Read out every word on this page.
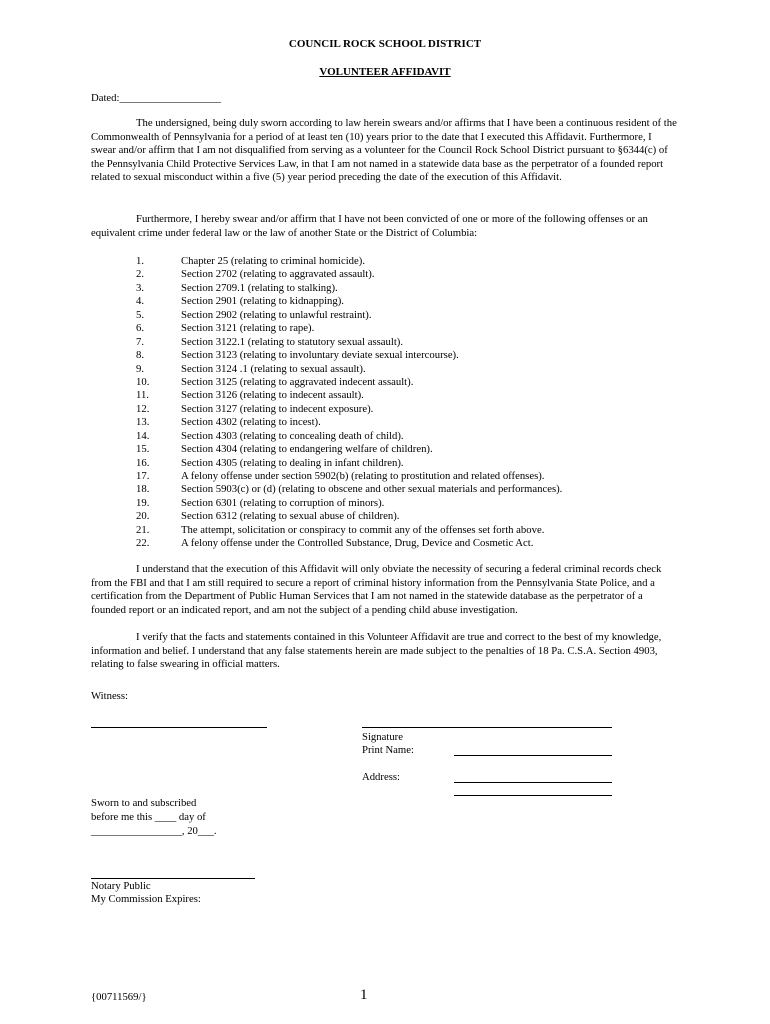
COUNCIL ROCK SCHOOL DISTRICT
VOLUNTEER AFFIDAVIT
Dated:___________________
The undersigned, being duly sworn according to law herein swears and/or affirms that I have been a continuous resident of the Commonwealth of Pennsylvania for a period of at least ten (10) years prior to the date that I executed this Affidavit. Furthermore, I swear and/or affirm that I am not disqualified from serving as a volunteer for the Council Rock School District pursuant to §6344(c) of the Pennsylvania Child Protective Services Law, in that I am not named in a statewide data base as the perpetrator of a founded report related to sexual misconduct within a five (5) year period preceding the date of the execution of this Affidavit.
Furthermore, I hereby swear and/or affirm that I have not been convicted of one or more of the following offenses or an equivalent crime under federal law or the law of another State or the District of Columbia:
1.	Chapter 25 (relating to criminal homicide).
2.	Section 2702 (relating to aggravated assault).
3.	Section 2709.1 (relating to stalking).
4.	Section 2901 (relating to kidnapping).
5.	Section 2902 (relating to unlawful restraint).
6.	Section 3121 (relating to rape).
7.	Section 3122.1 (relating to statutory sexual assault).
8.	Section 3123 (relating to involuntary deviate sexual intercourse).
9.	Section 3124 .1 (relating to sexual assault).
10.	Section 3125 (relating to aggravated indecent assault).
11.	Section 3126 (relating to indecent assault).
12.	Section 3127 (relating to indecent exposure).
13.	Section 4302 (relating to incest).
14.	Section 4303 (relating to concealing death of child).
15.	Section 4304 (relating to endangering welfare of children).
16.	Section 4305 (relating to dealing in infant children).
17.	A felony offense under section 5902(b) (relating to prostitution and related offenses).
18.	Section 5903(c) or (d) (relating to obscene and other sexual materials and performances).
19.	Section 6301 (relating to corruption of minors).
20.	Section 6312 (relating to sexual abuse of children).
21.	The attempt, solicitation or conspiracy to commit any of the offenses set forth above.
22.	A felony offense under the Controlled Substance, Drug, Device and Cosmetic Act.
I understand that the execution of this Affidavit will only obviate the necessity of securing a federal criminal records check from the FBI and that I am still required to secure a report of criminal history information from the Pennsylvania State Police, and a certification from the Department of Public Human Services that I am not named in the statewide database as the perpetrator of a founded report or an indicated report, and am not the subject of a pending child abuse investigation.
I verify that the facts and statements contained in this Volunteer Affidavit are true and correct to the best of my knowledge, information and belief. I understand that any false statements herein are made subject to the penalties of 18 Pa. C.S.A. Section 4903, relating to false swearing in official matters.
Witness:
Signature
Print Name:
Address:
Sworn to and subscribed
before me this ____ day of
_________________, 20___.
Notary Public
My Commission Expires:
{00711569/}	1
